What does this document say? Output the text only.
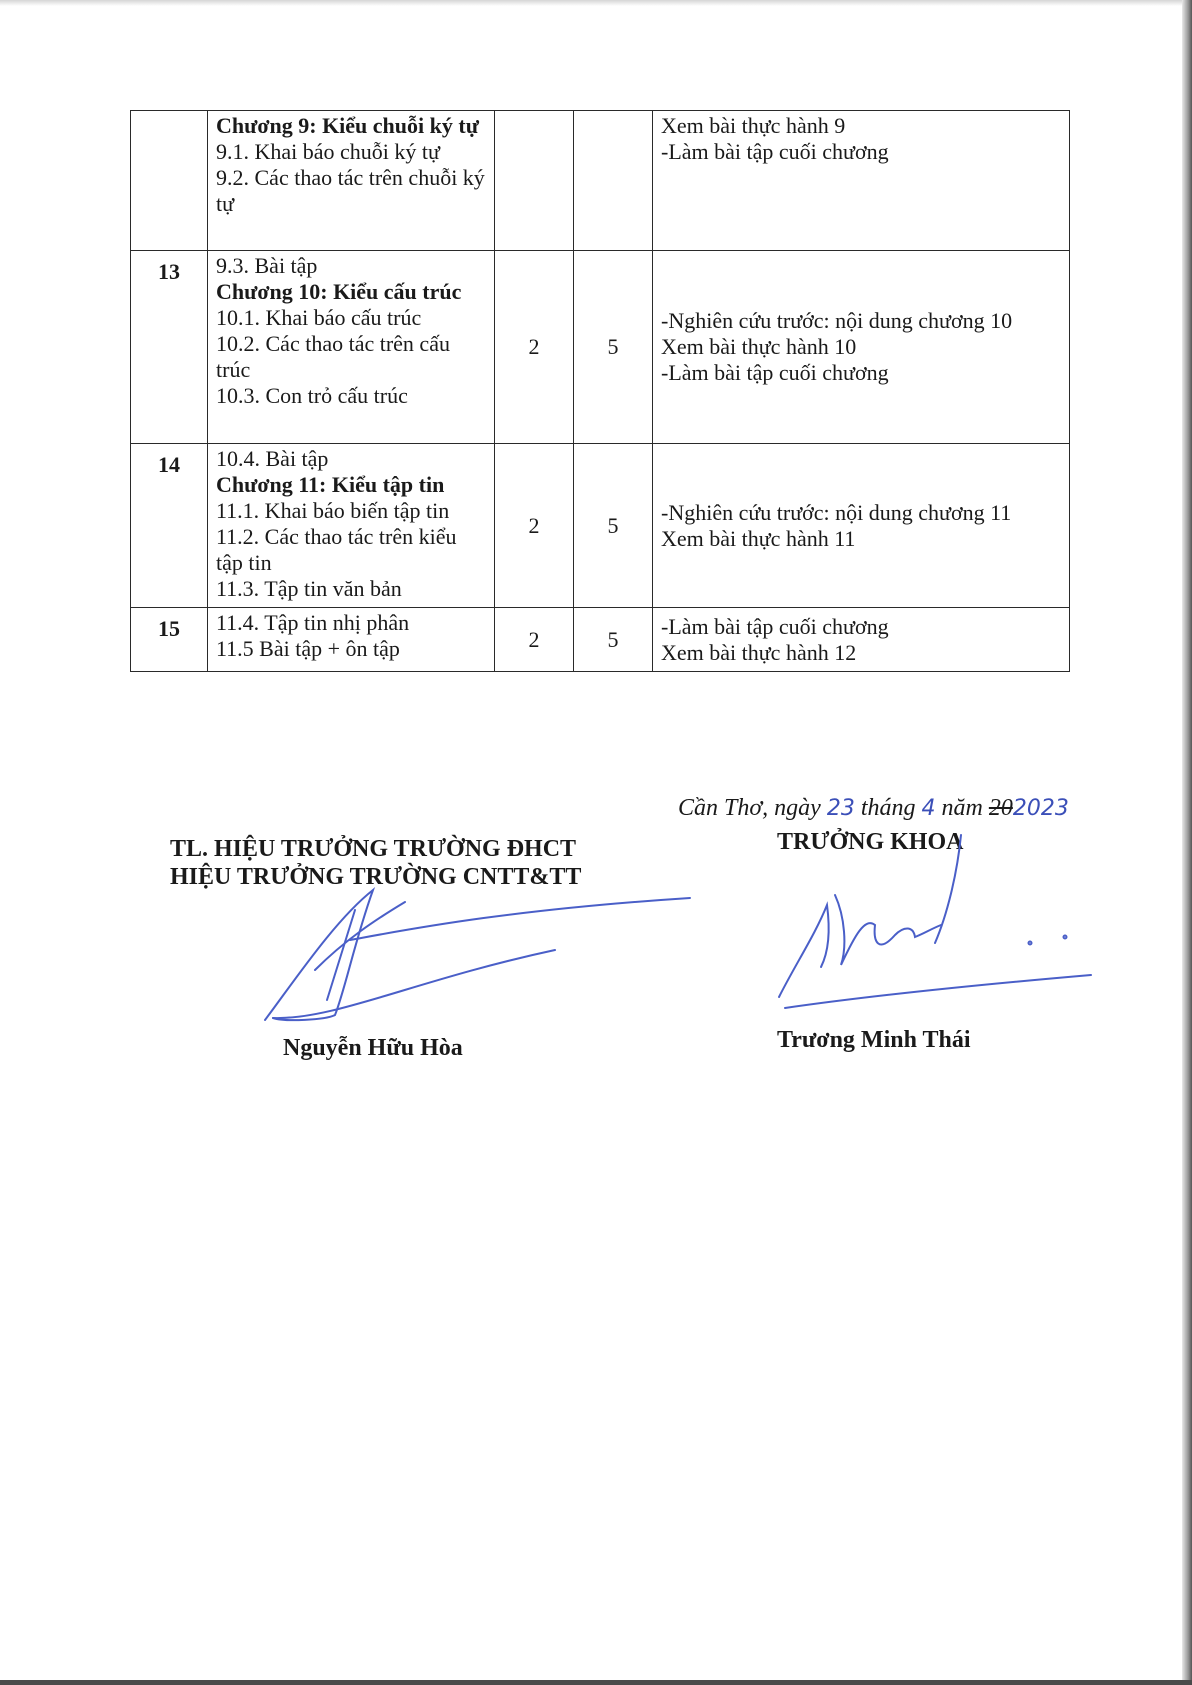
	Chương 9: Kiểu chuỗi ký tự
9.1. Khai báo chuỗi ký tự
9.2. Các thao tác trên chuỗi ký tự			Xem bài thực hành 9
-Làm bài tập cuối chương

13	9.3. Bài tập
Chương 10: Kiểu cấu trúc
10.1. Khai báo cấu trúc
10.2. Các thao tác trên cấu trúc
10.3. Con trỏ cấu trúc	2	5	-Nghiên cứu trước: nội dung chương 10
Xem bài thực hành 10
-Làm bài tập cuối chương

14	10.4. Bài tập
Chương 11: Kiểu tập tin
11.1. Khai báo biến tập tin
11.2. Các thao tác trên kiểu tập tin
11.3. Tập tin văn bản	2	5	-Nghiên cứu trước: nội dung chương 11
Xem bài thực hành 11

15	11.4. Tập tin nhị phân
11.5 Bài tập + ôn tập	2	5	-Làm bài tập cuối chương
Xem bài thực hành 12
Cần Thơ, ngày 23 tháng 4 năm 202023
TL. HIỆU TRƯỞNG TRƯỜNG ĐHCT
HIỆU TRƯỞNG TRƯỜNG CNTT&TT
TRƯỞNG KHOA
Nguyễn Hữu Hòa	Trương Minh Thái
